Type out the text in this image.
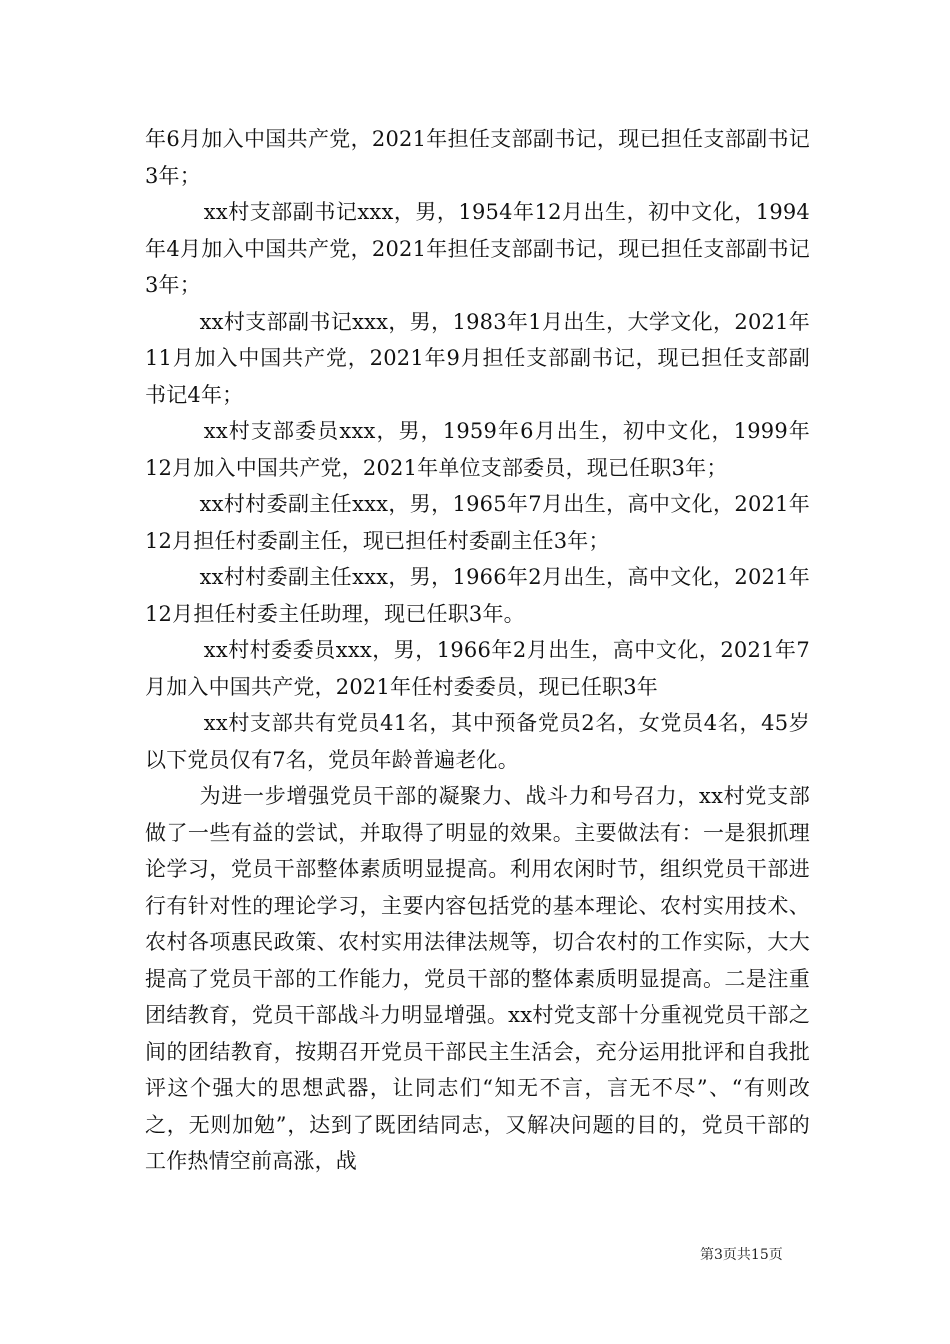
年6月加入中国共产党，2021年担任支部副书记，现已担任支部副书记3年；

xx村支部副书记xxx，男，1954年12月出生，初中文化，1994年4月加入中国共产党，2021年担任支部副书记，现已担任支部副书记3年；

xx村支部副书记xxx，男，1983年1月出生，大学文化，2021年11月加入中国共产党，2021年9月担任支部副书记，现已担任支部副书记4年；

xx村支部委员xxx，男，1959年6月出生，初中文化，1999年12月加入中国共产党，2021年单位支部委员，现已任职3年；

xx村村委副主任xxx，男，1965年7月出生，高中文化，2021年12月担任村委副主任，现已担任村委副主任3年；

xx村村委副主任xxx，男，1966年2月出生，高中文化，2021年12月担任村委主任助理，现已任职3年。

xx村村委委员xxx，男，1966年2月出生，高中文化，2021年7月加入中国共产党，2021年任村委委员，现已任职3年

xx村支部共有党员41名，其中预备党员2名，女党员4名，45岁以下党员仅有7名，党员年龄普遍老化。

为进一步增强党员干部的凝聚力、战斗力和号召力，xx村党支部做了一些有益的尝试，并取得了明显的效果。主要做法有：一是狠抓理论学习，党员干部整体素质明显提高。利用农闲时节，组织党员干部进行有针对性的理论学习，主要内容包括党的基本理论、农村实用技术、农村各项惠民政策、农村实用法律法规等，切合农村的工作实际，大大提高了党员干部的工作能力，党员干部的整体素质明显提高。二是注重团结教育，党员干部战斗力明显增强。xx村党支部十分重视党员干部之间的团结教育，按期召开党员干部民主生活会，充分运用批评和自我批评这个强大的思想武器，让同志们“知无不言，言无不尽”、“有则改之，无则加勉”，达到了既团结同志，又解决问题的目的，党员干部的工作热情空前高涨，战

第3页共15页
